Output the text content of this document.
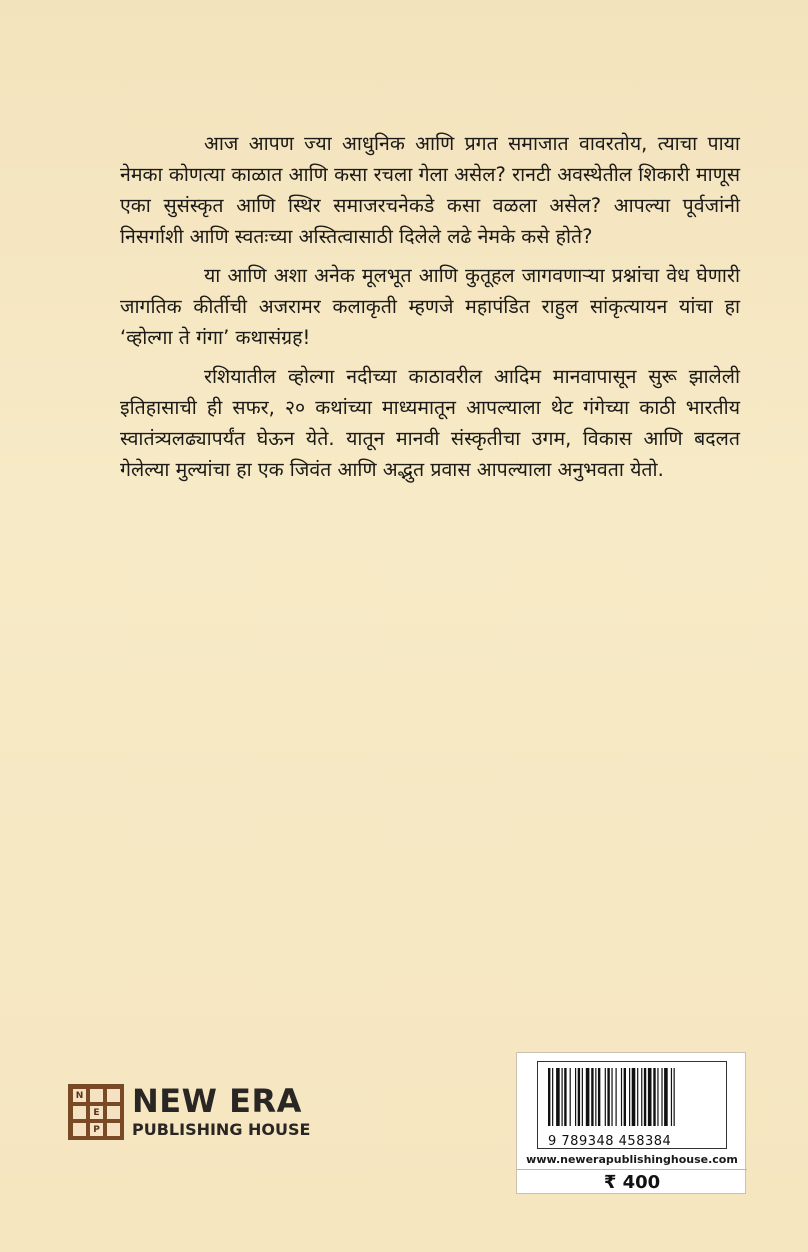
आज आपण ज्या आधुनिक आणि प्रगत समाजात वावरतोय, त्याचा पाया नेमका कोणत्या काळात आणि कसा रचला गेला असेल? रानटी अवस्थेतील शिकारी माणूस एका सुसंस्कृत आणि स्थिर समाजरचनेकडे कसा वळला असेल? आपल्या पूर्वजांनी निसर्गाशी आणि स्वतःच्या अस्तित्वासाठी दिलेले लढे नेमके कसे होते?

या आणि अशा अनेक मूलभूत आणि कुतूहल जागवणाऱ्या प्रश्नांचा वेध घेणारी जागतिक कीर्तीची अजरामर कलाकृती म्हणजे महापंडित राहुल सांकृत्यायन यांचा हा ‘व्होल्गा ते गंगा’ कथासंग्रह!

रशियातील व्होल्गा नदीच्या काठावरील आदिम मानवापासून सुरू झालेली इतिहासाची ही सफर, २० कथांच्या माध्यमातून आपल्याला थेट गंगेच्या काठी भारतीय स्वातंत्र्यलढ्यापर्यंत घेऊन येते. यातून मानवी संस्कृतीचा उगम, विकास आणि बदलत गेलेल्या मुल्यांचा हा एक जिवंत आणि अद्भुत प्रवास आपल्याला अनुभवता येतो.

N
E
P
NEW ERA
PUBLISHING HOUSE
9 789348 458384
www.newerapublishinghouse.com
₹ 400
